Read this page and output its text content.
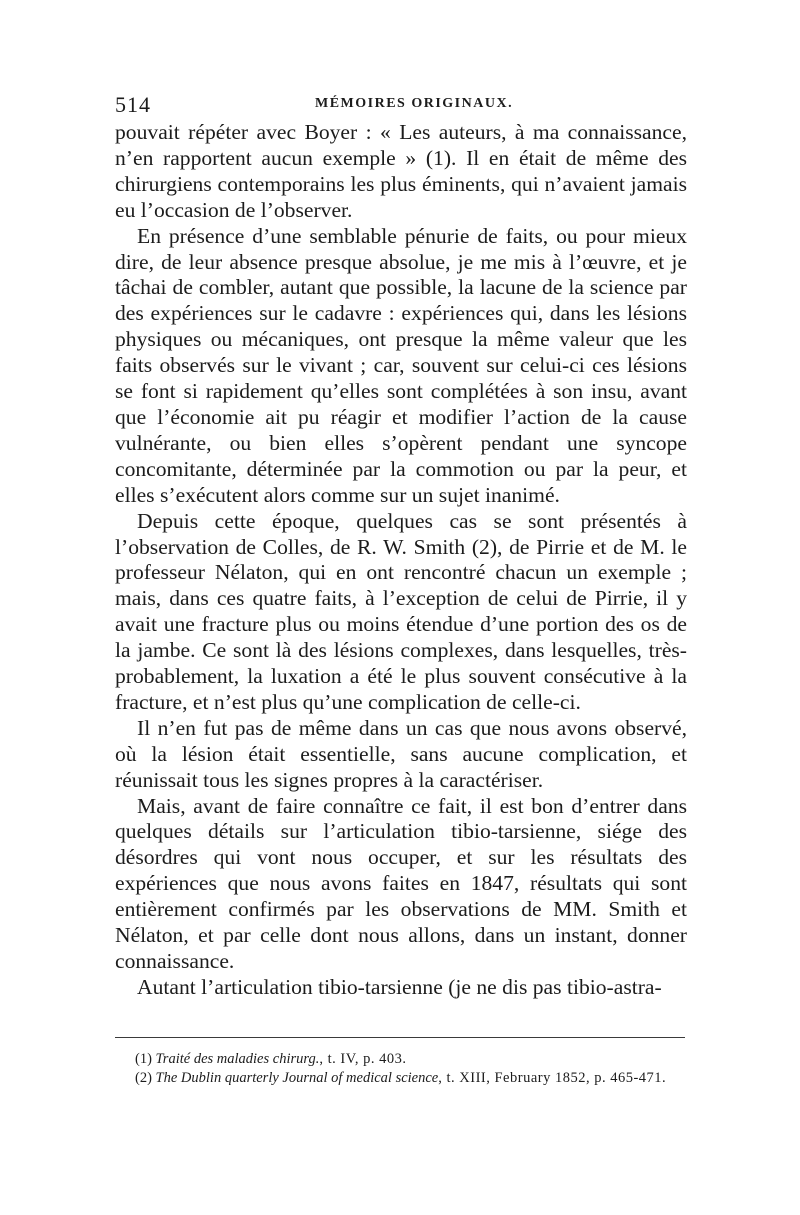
514	MÉMOIRES ORIGINAUX.

pouvait répéter avec Boyer : « Les auteurs, à ma connaissance, n’en rapportent aucun exemple » (1). Il en était de même des chirurgiens contemporains les plus éminents, qui n’avaient jamais eu l’occasion de l’observer.

En présence d’une semblable pénurie de faits, ou pour mieux dire, de leur absence presque absolue, je me mis à l’œuvre, et je tâchai de combler, autant que possible, la lacune de la science par des expériences sur le cadavre : expériences qui, dans les lésions physiques ou mécaniques, ont presque la même valeur que les faits observés sur le vivant ; car, souvent sur celui-ci ces lésions se font si rapidement qu’elles sont complétées à son insu, avant que l’économie ait pu réagir et modifier l’action de la cause vulnérante, ou bien elles s’opèrent pendant une syncope concomitante, déterminée par la commotion ou par la peur, et elles s’exécutent alors comme sur un sujet inanimé.

Depuis cette époque, quelques cas se sont présentés à l’observation de Colles, de R. W. Smith (2), de Pirrie et de M. le professeur Nélaton, qui en ont rencontré chacun un exemple ; mais, dans ces quatre faits, à l’exception de celui de Pirrie, il y avait une fracture plus ou moins étendue d’une portion des os de la jambe. Ce sont là des lésions complexes, dans lesquelles, très-probablement, la luxation a été le plus souvent consécutive à la fracture, et n’est plus qu’une complication de celle-ci.

Il n’en fut pas de même dans un cas que nous avons observé, où la lésion était essentielle, sans aucune complication, et réunissait tous les signes propres à la caractériser.

Mais, avant de faire connaître ce fait, il est bon d’entrer dans quelques détails sur l’articulation tibio-tarsienne, siége des désordres qui vont nous occuper, et sur les résultats des expériences que nous avons faites en 1847, résultats qui sont entièrement confirmés par les observations de MM. Smith et Nélaton, et par celle dont nous allons, dans un instant, donner connaissance.

Autant l’articulation tibio-tarsienne (je ne dis pas tibio-astra-

(1) Traité des maladies chirurg., t. IV, p. 403.

(2) The Dublin quarterly Journal of medical science, t. XIII, February 1852, p. 465-471.
